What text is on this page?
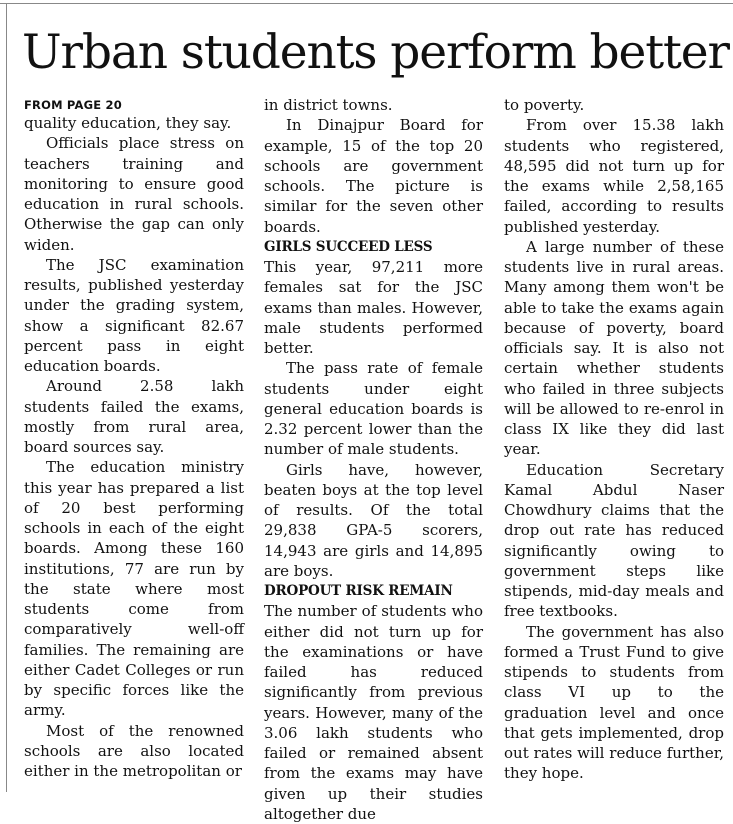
Urban students perform better
FROM PAGE 20

quality education, they say.

Officials place stress on teachers training and monitoring to ensure good education in rural schools. Otherwise the gap can only widen.

The JSC examination results, published yesterday under the grading system, show a significant 82.67 percent pass in eight education boards.

Around 2.58 lakh students failed the exams, mostly from rural area, board sources say.

The education ministry this year has prepared a list of 20 best performing schools in each of the eight boards. Among these 160 institutions, 77 are run by the state where most students come from comparatively well-off families. The remaining are either Cadet Colleges or run by specific forces like the army.

Most of the renowned schools are also located either in the metropolitan or

in district towns.

In Dinajpur Board for example, 15 of the top 20 schools are government schools. The picture is similar for the seven other boards.

GIRLS SUCCEED LESS

This year, 97,211 more females sat for the JSC exams than males. However, male students performed better.

The pass rate of female students under eight general education boards is 2.32 percent lower than the number of male students.

Girls have, however, beaten boys at the top level of results. Of the total 29,838 GPA-5 scorers, 14,943 are girls and 14,895 are boys.

DROPOUT RISK REMAIN

The number of students who either did not turn up for the examinations or have failed has reduced significantly from previous years. However, many of the 3.06 lakh students who failed or remained absent from the exams may have given up their studies altogether due

to poverty.

From over 15.38 lakh students who registered, 48,595 did not turn up for the exams while 2,58,165 failed, according to results published yesterday.

A large number of these students live in rural areas. Many among them won't be able to take the exams again because of poverty, board officials say. It is also not certain whether students who failed in three subjects will be allowed to re-enrol in class IX like they did last year.

Education Secretary Kamal Abdul Naser Chowdhury claims that the drop out rate has reduced significantly owing to government steps like stipends, mid-day meals and free textbooks.

The government has also formed a Trust Fund to give stipends to students from class VI up to the graduation level and once that gets implemented, drop out rates will reduce further, they hope.
